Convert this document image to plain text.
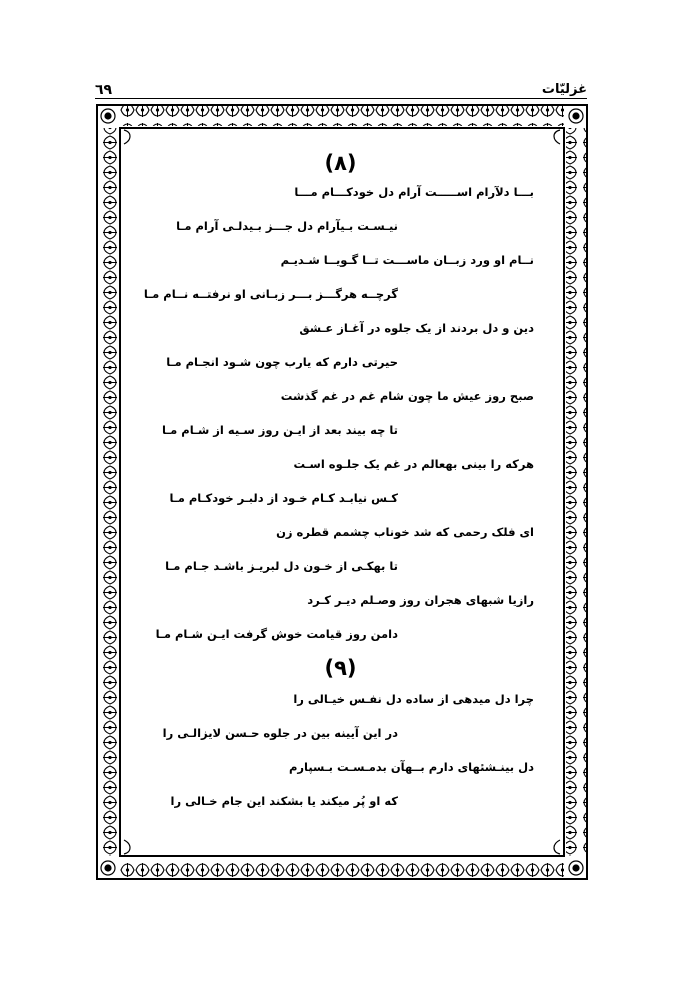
٦٩	غزليّات
(٨)
بـــا دلآرام اســـــت آرام دل خودکـــام مـــا
نيـسـت بـیآرام دل جـــز بـیدلـی آرام مـا
نــام او ورد زبــان ماســـت تــا گـويــا شـديـم
گرچــه هرگـــز بـــر زبـانی او نرفتــه نــام مـا
دين و دل بردند از يک جلوه در آغـاز عـشق
حيرتی دارم که يارب چون شـود انجـام مـا
صبح روز عيش ما چون شام غم در غم گذشت
تا چه بيند بعد از ايـن روز سـيه از شـام مـا
هرکه را بينی بهعالم در غم يک جلـوه اسـت
کـس نيابـد کـام خـود از دلبـر خودکـام مـا
ای فلک رحمی که شد خوناب چشمم قطره زن
تا بهکـی از خـون دل لبريـز باشـد جـام مـا
رازيا شبهای هجران روز وصـلم ديـر کـرد
دامن روز قيامت خوش گرفت ايـن شـام مـا
(٩)
چرا دل میدهی از ساده دل نفـس خيـالی را
در اين آيينه بين در جلوه حـسن لايزالـی را
دل بینـشئهای دارم بــهآن بدمـسـت بـسپارم
که او پُر میکند يا بشکند اين جام خـالی را
